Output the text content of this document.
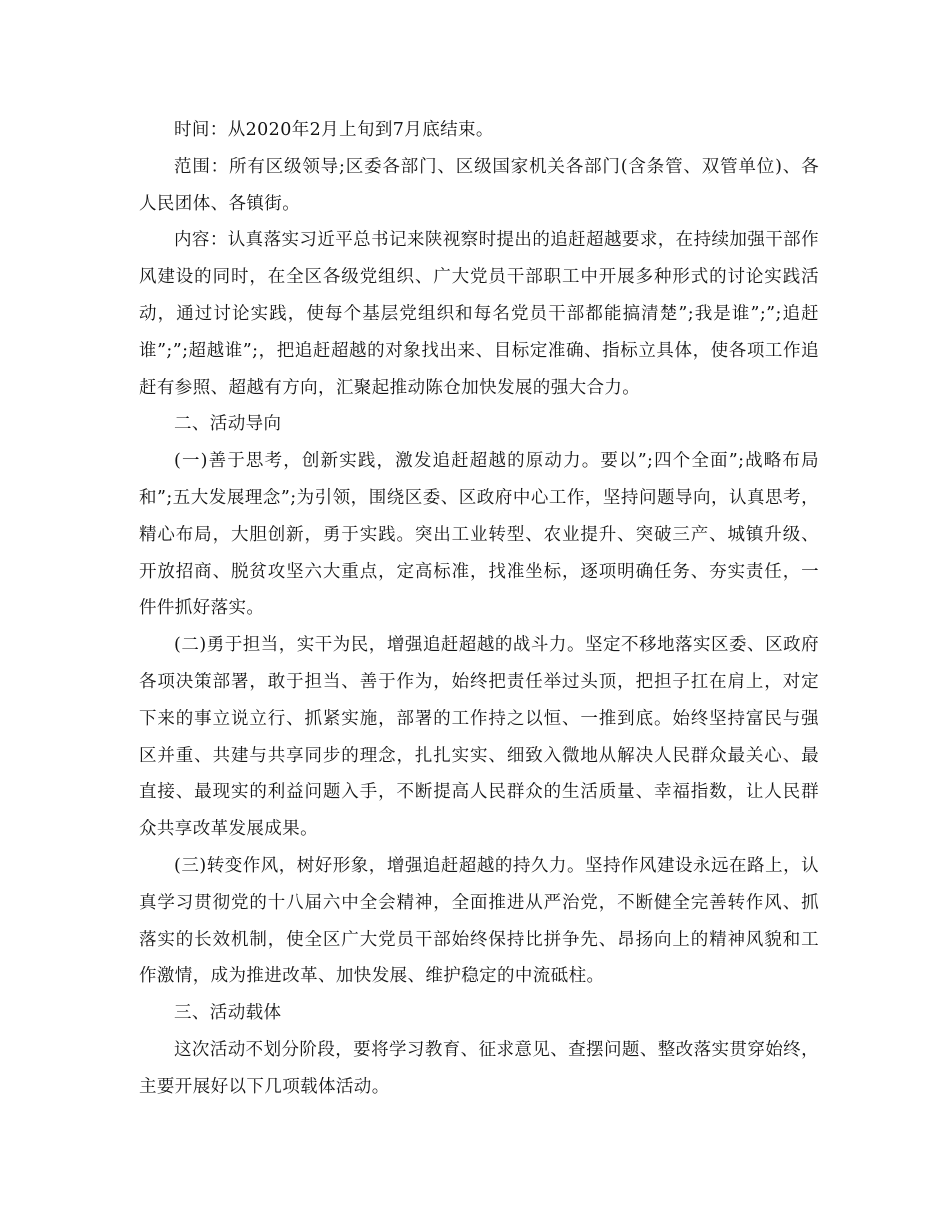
时间：从2020年2月上旬到7月底结束。

范围：所有区级领导;区委各部门、区级国家机关各部门(含条管、双管单位)、各人民团体、各镇街。

内容：认真落实习近平总书记来陕视察时提出的追赶超越要求，在持续加强干部作风建设的同时，在全区各级党组织、广大党员干部职工中开展多种形式的讨论实践活动，通过讨论实践，使每个基层党组织和每名党员干部都能搞清楚”;我是谁”;”;追赶谁”;”;超越谁”;，把追赶超越的对象找出来、目标定准确、指标立具体，使各项工作追赶有参照、超越有方向，汇聚起推动陈仓加快发展的强大合力。

二、活动导向

(一)善于思考，创新实践，激发追赶超越的原动力。要以”;四个全面”;战略布局和”;五大发展理念”;为引领，围绕区委、区政府中心工作，坚持问题导向，认真思考，精心布局，大胆创新，勇于实践。突出工业转型、农业提升、突破三产、城镇升级、开放招商、脱贫攻坚六大重点，定高标准，找准坐标，逐项明确任务、夯实责任，一件件抓好落实。

(二)勇于担当，实干为民，增强追赶超越的战斗力。坚定不移地落实区委、区政府各项决策部署，敢于担当、善于作为，始终把责任举过头顶，把担子扛在肩上，对定下来的事立说立行、抓紧实施，部署的工作持之以恒、一推到底。始终坚持富民与强区并重、共建与共享同步的理念，扎扎实实、细致入微地从解决人民群众最关心、最直接、最现实的利益问题入手，不断提高人民群众的生活质量、幸福指数，让人民群众共享改革发展成果。

(三)转变作风，树好形象，增强追赶超越的持久力。坚持作风建设永远在路上，认真学习贯彻党的十八届六中全会精神，全面推进从严治党，不断健全完善转作风、抓落实的长效机制，使全区广大党员干部始终保持比拼争先、昂扬向上的精神风貌和工作激情，成为推进改革、加快发展、维护稳定的中流砥柱。

三、活动载体

这次活动不划分阶段，要将学习教育、征求意见、查摆问题、整改落实贯穿始终，主要开展好以下几项载体活动。
